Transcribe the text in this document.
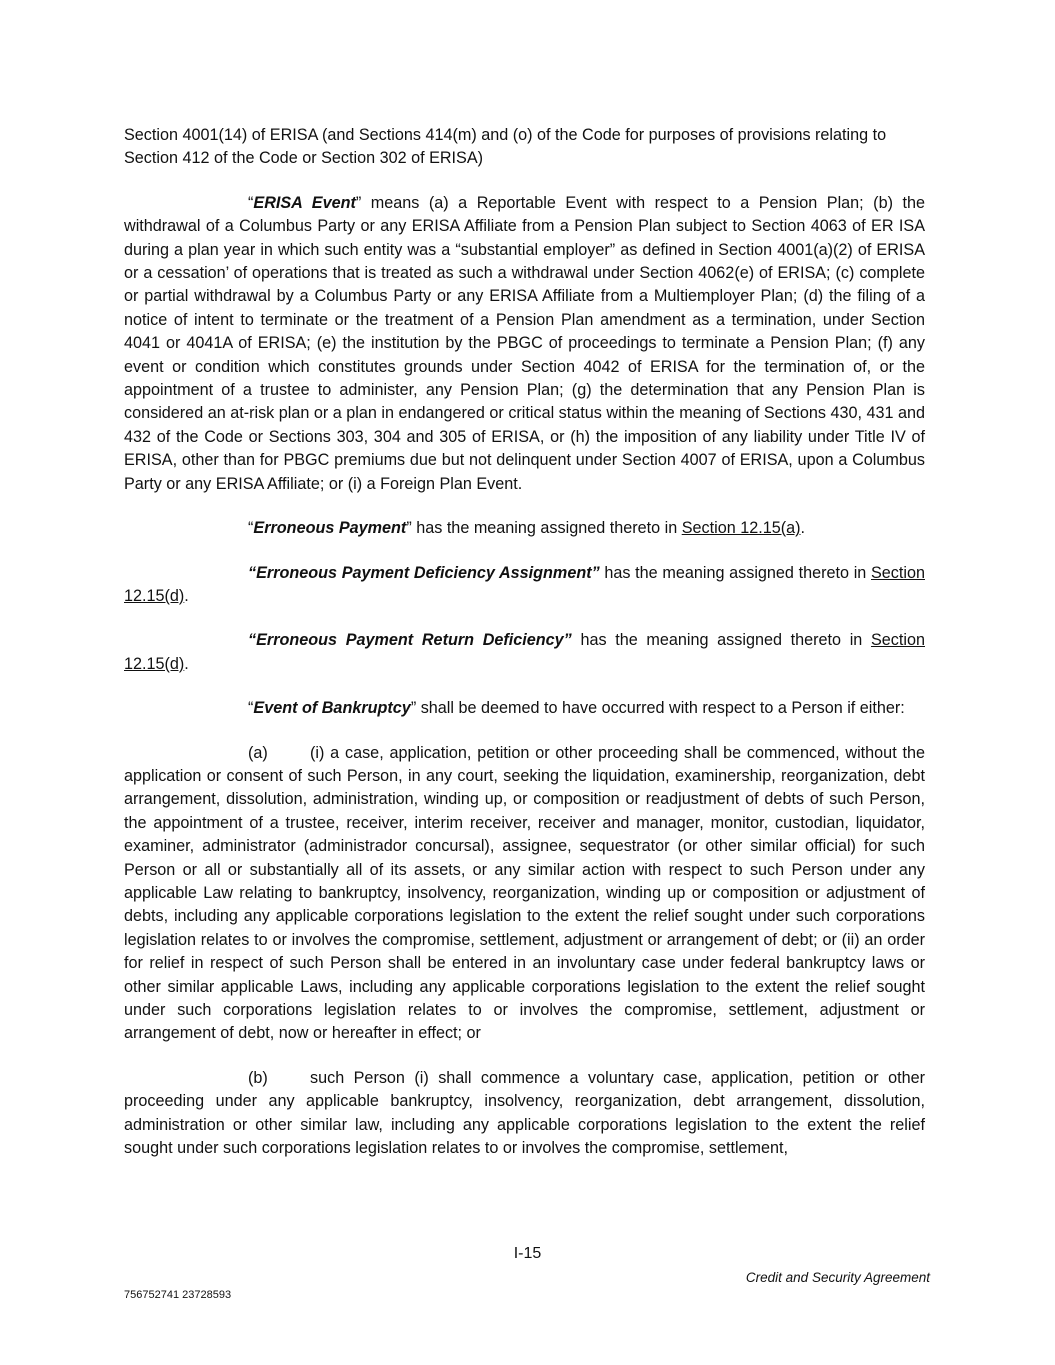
Section 4001(14) of ERISA (and Sections 414(m) and (o) of the Code for purposes of provisions relating to Section 412 of the Code or Section 302 of ERISA)

“ERISA Event” means (a) a Reportable Event with respect to a Pension Plan; (b) the withdrawal of a Columbus Party or any ERISA Affiliate from a Pension Plan subject to Section 4063 of ER ISA during a plan year in which such entity was a “substantial employer” as defined in Section 4001(a)(2) of ERISA or a cessation’ of operations that is treated as such a withdrawal under Section 4062(e) of ERISA; (c) complete or partial withdrawal by a Columbus Party or any ERISA Affiliate from a Multiemployer Plan; (d) the filing of a notice of intent to terminate or the treatment of a Pension Plan amendment as a termination, under Section 4041 or 4041A of ERISA; (e) the institution by the PBGC of proceedings to terminate a Pension Plan; (f) any event or condition which constitutes grounds under Section 4042 of ERISA for the termination of, or the appointment of a trustee to administer, any Pension Plan; (g) the determination that any Pension Plan is considered an at-risk plan or a plan in endangered or critical status within the meaning of Sections 430, 431 and 432 of the Code or Sections 303, 304 and 305 of ERISA, or (h) the imposition of any liability under Title IV of ERISA, other than for PBGC premiums due but not delinquent under Section 4007 of ERISA, upon a Columbus Party or any ERISA Affiliate; or (i) a Foreign Plan Event.

“Erroneous Payment” has the meaning assigned thereto in Section 12.15(a).

“Erroneous Payment Deficiency Assignment” has the meaning assigned thereto in Section 12.15(d).

“Erroneous Payment Return Deficiency” has the meaning assigned thereto in Section 12.15(d).

“Event of Bankruptcy” shall be deemed to have occurred with respect to a Person if either:

(a)	(i) a case, application, petition or other proceeding shall be commenced, without the application or consent of such Person, in any court, seeking the liquidation, examinership, reorganization, debt arrangement, dissolution, administration, winding up, or composition or readjustment of debts of such Person, the appointment of a trustee, receiver, interim receiver, receiver and manager, monitor, custodian, liquidator, examiner, administrator (administrador concursal), assignee, sequestrator (or other similar official) for such Person or all or substantially all of its assets, or any similar action with respect to such Person under any applicable Law relating to bankruptcy, insolvency, reorganization, winding up or composition or adjustment of debts, including any applicable corporations legislation to the extent the relief sought under such corporations legislation relates to or involves the compromise, settlement, adjustment or arrangement of debt; or (ii) an order for relief in respect of such Person shall be entered in an involuntary case under federal bankruptcy laws or other similar applicable Laws, including any applicable corporations legislation to the extent the relief sought under such corporations legislation relates to or involves the compromise, settlement, adjustment or arrangement of debt, now or hereafter in effect; or

(b)	such Person (i) shall commence a voluntary case, application, petition or other proceeding under any applicable bankruptcy, insolvency, reorganization, debt arrangement, dissolution, administration or other similar law, including any applicable corporations legislation to the extent the relief sought under such corporations legislation relates to or involves the compromise, settlement,

I-15
Credit and Security Agreement
756752741 23728593
